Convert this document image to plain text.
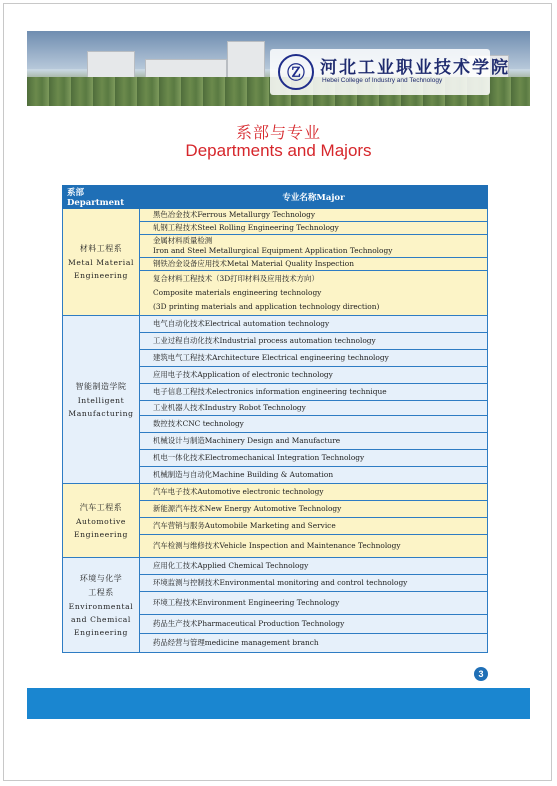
Ⓩ 河北工业职业技术学院
Hebei College of Industry and Technology
系部与专业
Departments and Majors
系部 Department	专业名称Major

材料工程系
Metal Material
Engineering	黑色冶金技术Ferrous Metallurgy Technology
	轧钢工程技术Steel Rolling Engineering Technology

	金属材料质量检测
Iron and Steel Metallurgical Equipment Application Technology

	钢铁冶金设备应用技术Metal Material Quality Inspection

	复合材料工程技术（3D打印材料及应用技术方向）
Composite materials engineering technology
(3D printing materials and application technology direction)

智能制造学院
Intelligent
Manufacturing	电气自动化技术Electrical automation technology
	工业过程自动化技术Industrial process automation technology
	建筑电气工程技术Architecture Electrical engineering technology
	应用电子技术Application of electronic technology
	电子信息工程技术electronics information engineering technique
	工业机器人技术Industry Robot Technology
	数控技术CNC technology
	机械设计与制造Machinery Design and Manufacture
	机电一体化技术Electromechanical Integration Technology
	机械制造与自动化Machine Building & Automation

汽车工程系
Automotive
Engineering	汽车电子技术Automotive electronic technology
	新能源汽车技术New Energy Automotive Technology
	汽车营销与服务Automobile Marketing and Service
	汽车检测与维修技术Vehicle Inspection and Maintenance Technology

环境与化学
工程系
Environmental
and Chemical
Engineering	应用化工技术Applied Chemical Technology
	环境监测与控制技术Environmental monitoring and control technology
	环境工程技术Environment Engineering Technology
	药品生产技术Pharmaceutical Production Technology
	药品经营与管理medicine management branch
3
